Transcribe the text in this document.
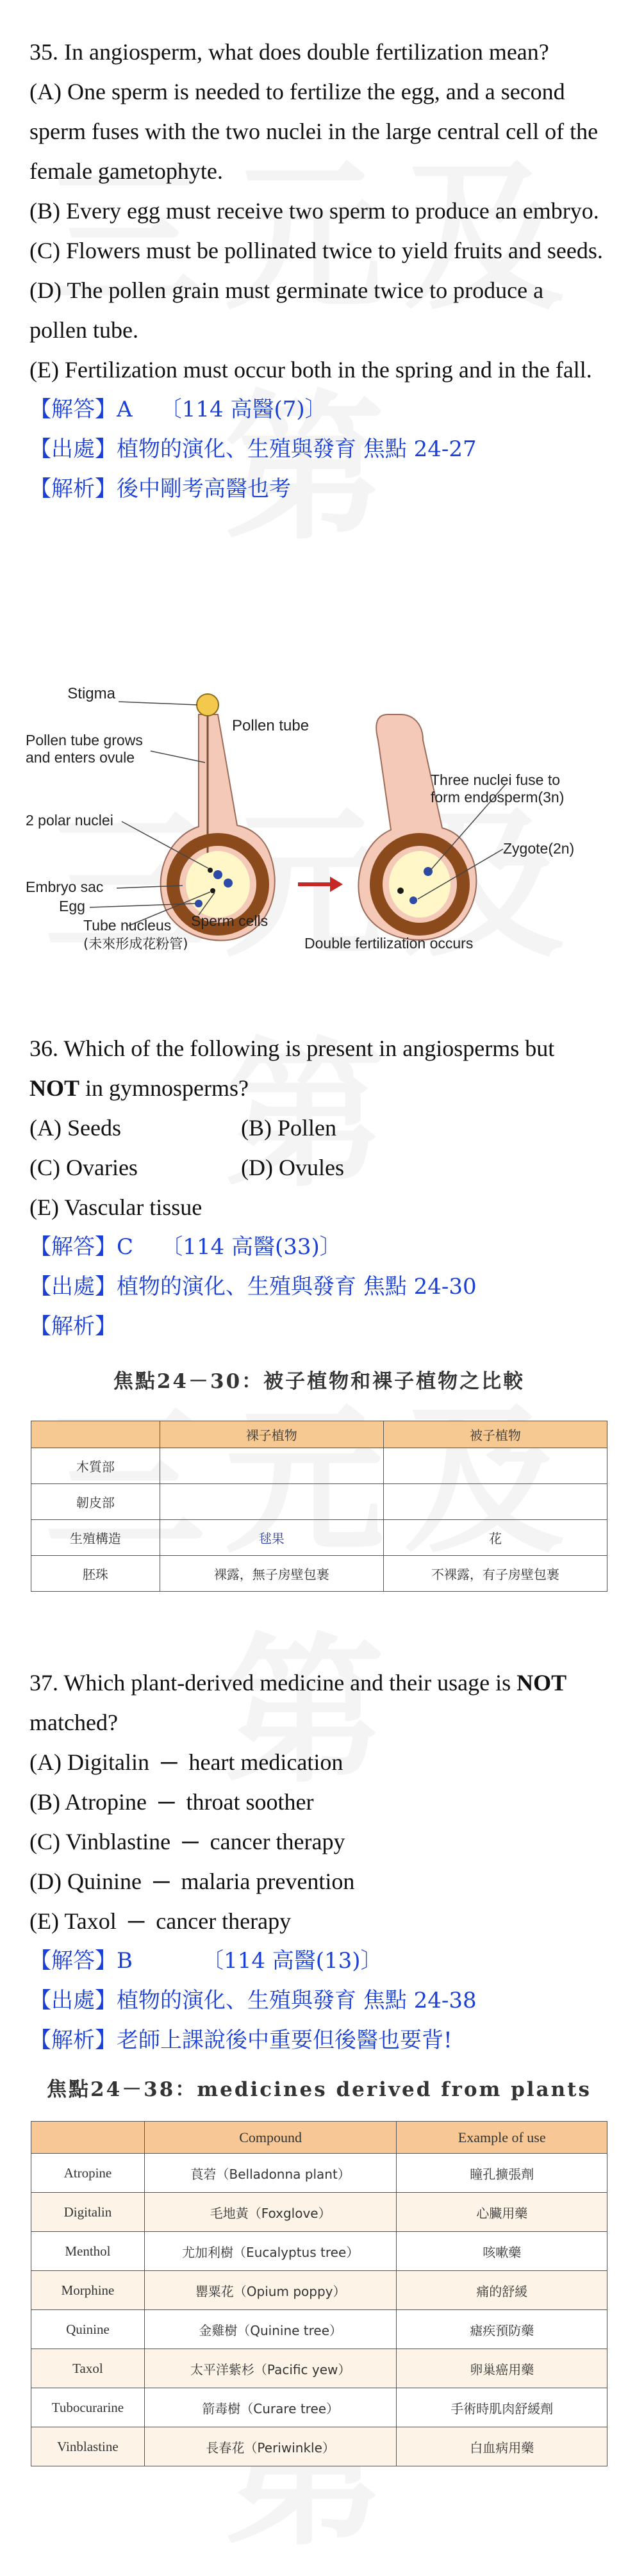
35. In angiosperm, what does double fertilization mean?

(A) One sperm is needed to fertilize the egg, and a second sperm fuses with the two nuclei in the large central cell of the female gametophyte.

(B) Every egg must receive two sperm to produce an embryo.

(C) Flowers must be pollinated twice to yield fruits and seeds.

(D) The pollen grain must germinate twice to produce a pollen tube.

(E) Fertilization must occur both in the spring and in the fall.

【解答】A 〔114 高醫(7)〕

【出處】植物的演化、生殖與發育 焦點 24-27

【解析】後中剛考高醫也考

Stigma
Pollen tube
Pollen tube grows
and enters ovule
2 polar nuclei
Embryo sac
Egg
Tube nucleus
(未來形成花粉管)
Sperm cells
Three nuclei fuse to
form endosperm(3n)
Zygote(2n)
Double fertilization occurs

36. Which of the following is present in angiosperms but NOT in gymnosperms?

(A) Seeds	(B) Pollen

(C) Ovaries	(D) Ovules

(E) Vascular tissue

【解答】C 〔114 高醫(33)〕

【出處】植物的演化、生殖與發育 焦點 24-30

【解析】

焦點24－30：被子植物和裸子植物之比較
	裸子植物	被子植物
木質部		
韌皮部		
生殖構造	毬果	花
胚珠	裸露，無子房壁包裹	不裸露，有子房壁包裹

37. Which plant-derived medicine and their usage is NOT matched?

(A) Digitalin  ─  heart medication

(B) Atropine  ─  throat soother

(C) Vinblastine  ─  cancer therapy

(D) Quinine  ─  malaria prevention

(E) Taxol  ─  cancer therapy

【解答】B	〔114 高醫(13)〕

【出處】植物的演化、生殖與發育 焦點 24-38

【解析】老師上課說後中重要但後醫也要背!

焦點24－38：medicines derived from plants
	Compound	Example of use
Atropine	莨菪（Belladonna plant）	瞳孔擴張劑
Digitalin	毛地黃（Foxglove）	心臟用藥
Menthol	尤加利樹（Eucalyptus tree）	咳嗽藥
Morphine	罌粟花（Opium poppy）	痛的舒緩
Quinine	金雞樹（Quinine tree）	瘧疾預防藥
Taxol	太平洋紫杉（Pacific yew）	卵巢癌用藥
Tubocurarine	箭毒樹（Curare tree）	手術時肌肉舒緩劑
Vinblastine	長春花（Periwinkle）	白血病用藥
